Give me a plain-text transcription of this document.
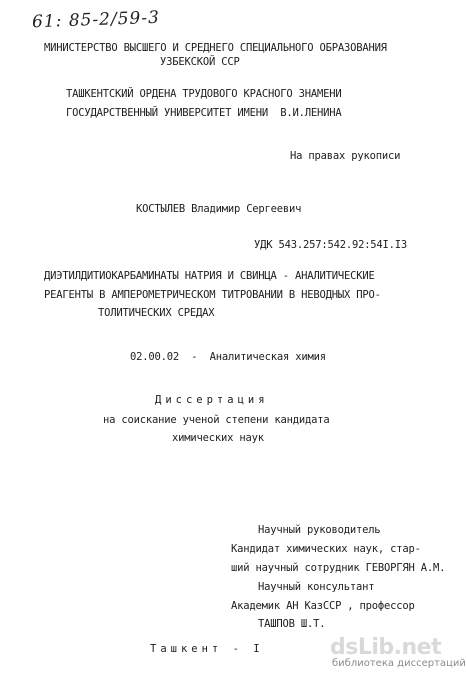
61: 85-2/59-3
МИНИСТЕРСТВО ВЫСШЕГО И СРЕДНЕГО СПЕЦИАЛЬНОГО ОБРАЗОВАНИЯ
УЗБЕКСКОЙ ССР
ТАШКЕНТСКИЙ ОРДЕНА ТРУДОВОГО КРАСНОГО ЗНАМЕНИ
ГОСУДАРСТВЕННЫЙ УНИВЕРСИТЕТ ИМЕНИ  В.И.ЛЕНИНА
На правах рукописи
КОСТЫЛЕВ Владимир Сергеевич
УДК 543.257:542.92:54I.I3
ДИЭТИЛДИТИОКАРБАМИНАТЫ НАТРИЯ И СВИНЦА - АНАЛИТИЧЕСКИЕ
РЕАГЕНТЫ В АМПЕРОМЕТРИЧЕСКОМ ТИТРОВАНИИ В НЕВОДНЫХ ПРО-
ТОЛИТИЧЕСКИХ СРЕДАХ
02.00.02  -  Аналитическая химия
Диссертация
на соискание ученой степени кандидата
химических наук
Научный руководитель
Кандидат химических наук, стар-
ший научный сотрудник ГЕВОРГЯН А.М.
Научный консультант
Академик АН КазССР , профессор
ТАШПОВ Ш.Т.
Ташкент - I	dsLib.net
библиотека диссертаций
